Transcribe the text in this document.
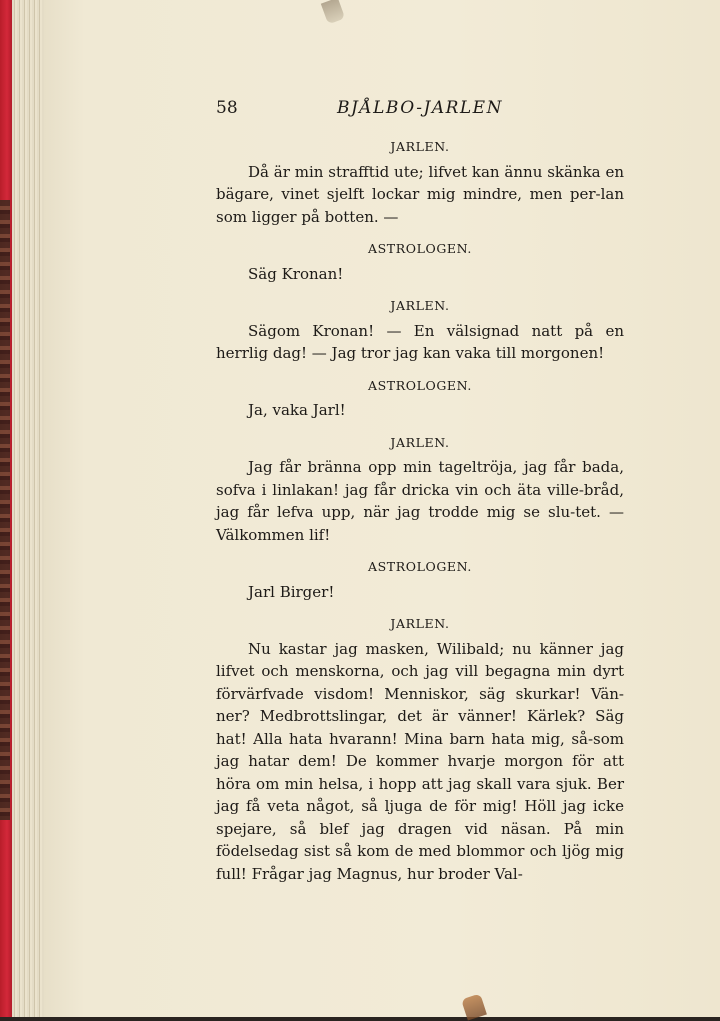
58	BJÅLBO-JARLEN
JARLEN.

Då är min strafftid ute; lifvet kan ännu skänka en bägare, vinet sjelft lockar mig mindre, men per-lan som ligger på botten. —

ASTROLOGEN.

Säg Kronan!

JARLEN.

Sägom Kronan! — En välsignad natt på en herrlig dag! — Jag tror jag kan vaka till morgonen!

ASTROLOGEN.

Ja, vaka Jarl!

JARLEN.

Jag får bränna opp min tageltröja, jag får bada, sofva i linlakan! jag får dricka vin och äta ville-bråd, jag får lefva upp, när jag trodde mig se slu-tet. — Välkommen lif!

ASTROLOGEN.

Jarl Birger!

JARLEN.

Nu kastar jag masken, Wilibald; nu känner jag lifvet och menskorna, och jag vill begagna min dyrt förvärfvade visdom! Menniskor, säg skurkar! Vän-ner? Medbrottslingar, det är vänner! Kärlek? Säg hat! Alla hata hvarann! Mina barn hata mig, så-som jag hatar dem! De kommer hvarje morgon för att höra om min helsa, i hopp att jag skall vara sjuk. Ber jag få veta något, så ljuga de för mig! Höll jag icke spejare, så blef jag dragen vid näsan. På min födelsedag sist så kom de med blommor och ljög mig full! Frågar jag Magnus, hur broder Val-
